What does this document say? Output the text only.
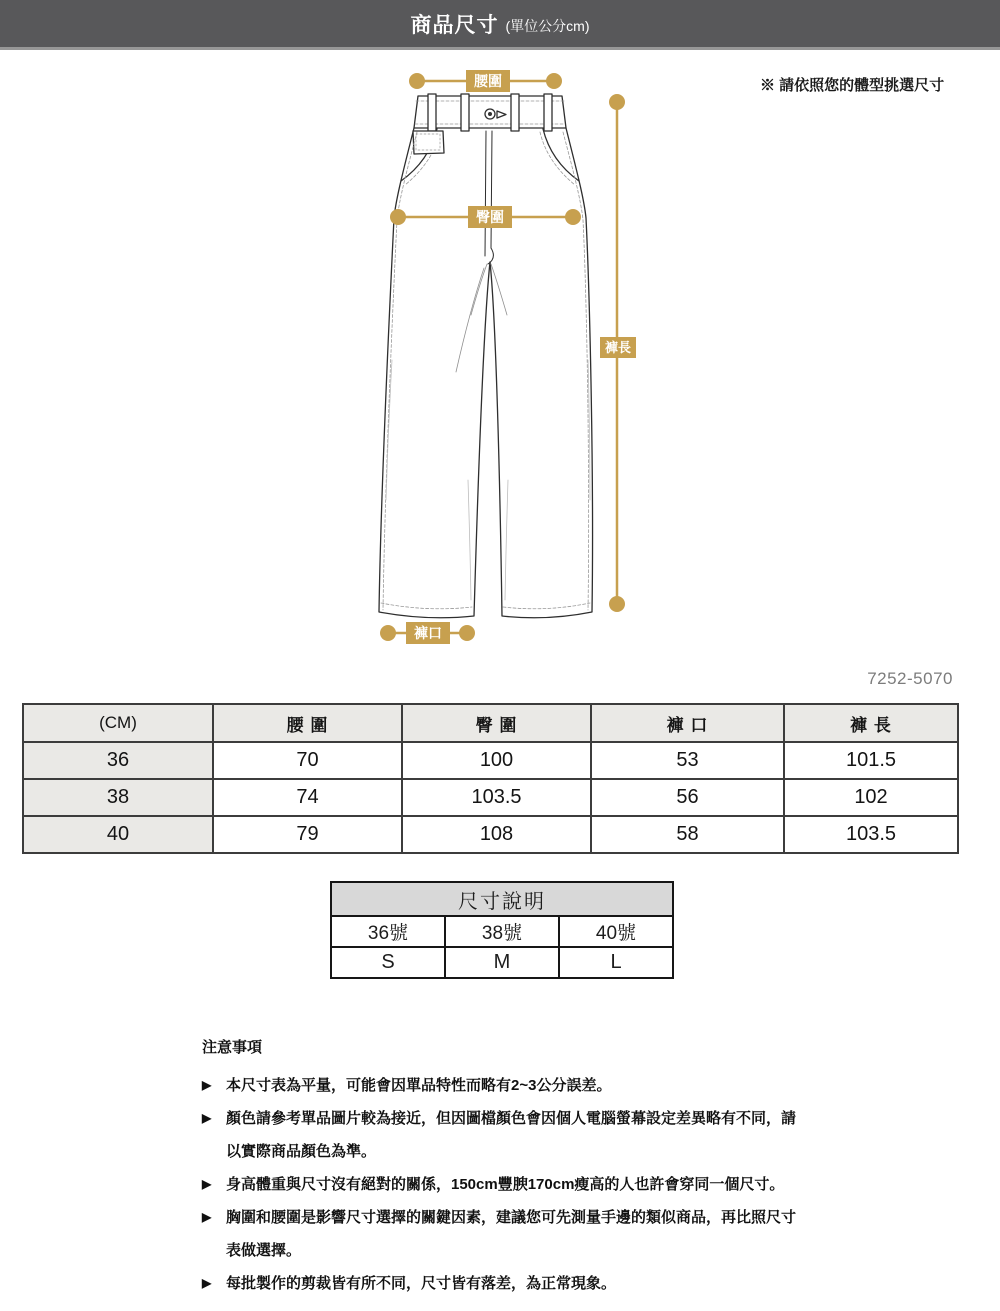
商品尺寸 (單位公分cm)
※ 請依照您的體型挑選尺寸
腰圍
臀圍
褲長
褲口
7252-5070
(CM)	腰 圍	臀 圍	褲 口	褲 長
36	70	100	53	101.5
38	74	103.5	56	102
40	79	108	58	103.5
尺寸說明		
36號	38號	40號
S	M	L
注意事項
▶ 本尺寸表為平量，可能會因單品特性而略有2~3公分誤差。
▶ 顏色請參考單品圖片較為接近，但因圖檔顏色會因個人電腦螢幕設定差異略有不同，請以實際商品顏色為準。
▶ 身高體重與尺寸沒有絕對的關係，150cm豐腴170cm瘦高的人也許會穿同一個尺寸。
▶ 胸圍和腰圍是影響尺寸選擇的關鍵因素，建議您可先測量手邊的類似商品，再比照尺寸表做選擇。
▶ 每批製作的剪裁皆有所不同，尺寸皆有落差，為正常現象。
